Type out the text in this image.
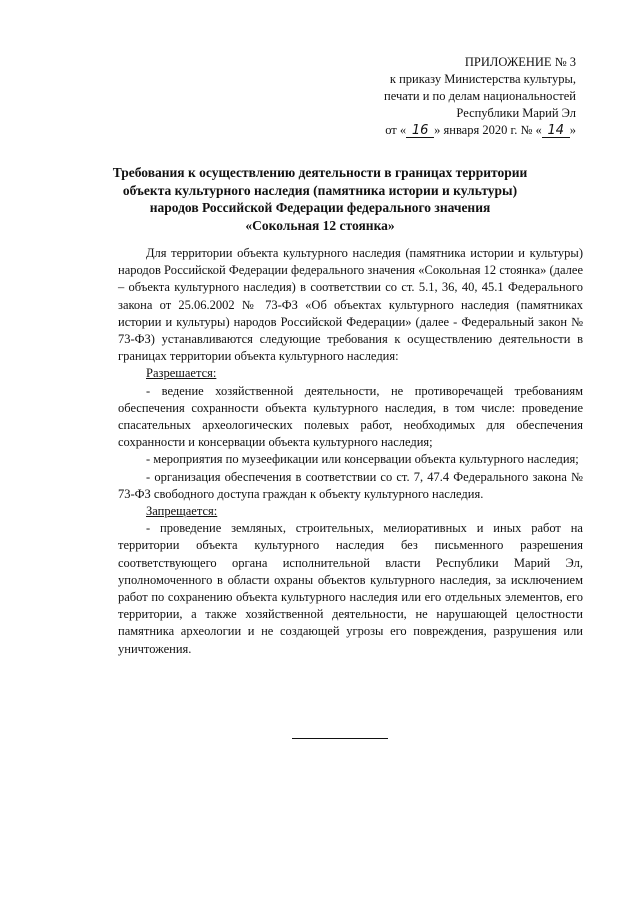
ПРИЛОЖЕНИЕ № 3
к приказу Министерства культуры,
печати и по делам национальностей
Республики Марий Эл
от « 16 » января 2020 г. № « 14 »
Требования к осуществлению деятельности в границах территории
объекта культурного наследия (памятника истории и культуры)
народов Российской Федерации федерального значения
«Сокольная 12 стоянка»

Для территории объекта культурного наследия (памятника истории и культуры) народов Российской Федерации федерального значения «Сокольная 12 стоянка» (далее – объекта культурного наследия) в соответствии со ст. 5.1, 36, 40, 45.1 Федерального закона от 25.06.2002 № 73-ФЗ «Об объектах культурного наследия (памятниках истории и культуры) народов Российской Федерации» (далее - Федеральный закон № 73-ФЗ) устанавливаются следующие требования к осуществлению деятельности в границах территории объекта культурного наследия:

Разрешается:

- ведение хозяйственной деятельности, не противоречащей требованиям обеспечения сохранности объекта культурного наследия, в том числе: проведение спасательных археологических полевых работ, необходимых для обеспечения сохранности и консервации объекта культурного наследия;

- мероприятия по музеефикации или консервации объекта культурного наследия;

- организация обеспечения в соответствии со ст. 7, 47.4 Федерального закона № 73-ФЗ свободного доступа граждан к объекту культурного наследия.

Запрещается:

- проведение земляных, строительных, мелиоративных и иных работ на территории объекта культурного наследия без письменного разрешения соответствующего органа исполнительной власти Республики Марий Эл, уполномоченного в области охраны объектов культурного наследия, за исключением работ по сохранению объекта культурного наследия или его отдельных элементов, его территории, а также хозяйственной деятельности, не нарушающей целостности памятника археологии и не создающей угрозы его повреждения, разрушения или уничтожения.
